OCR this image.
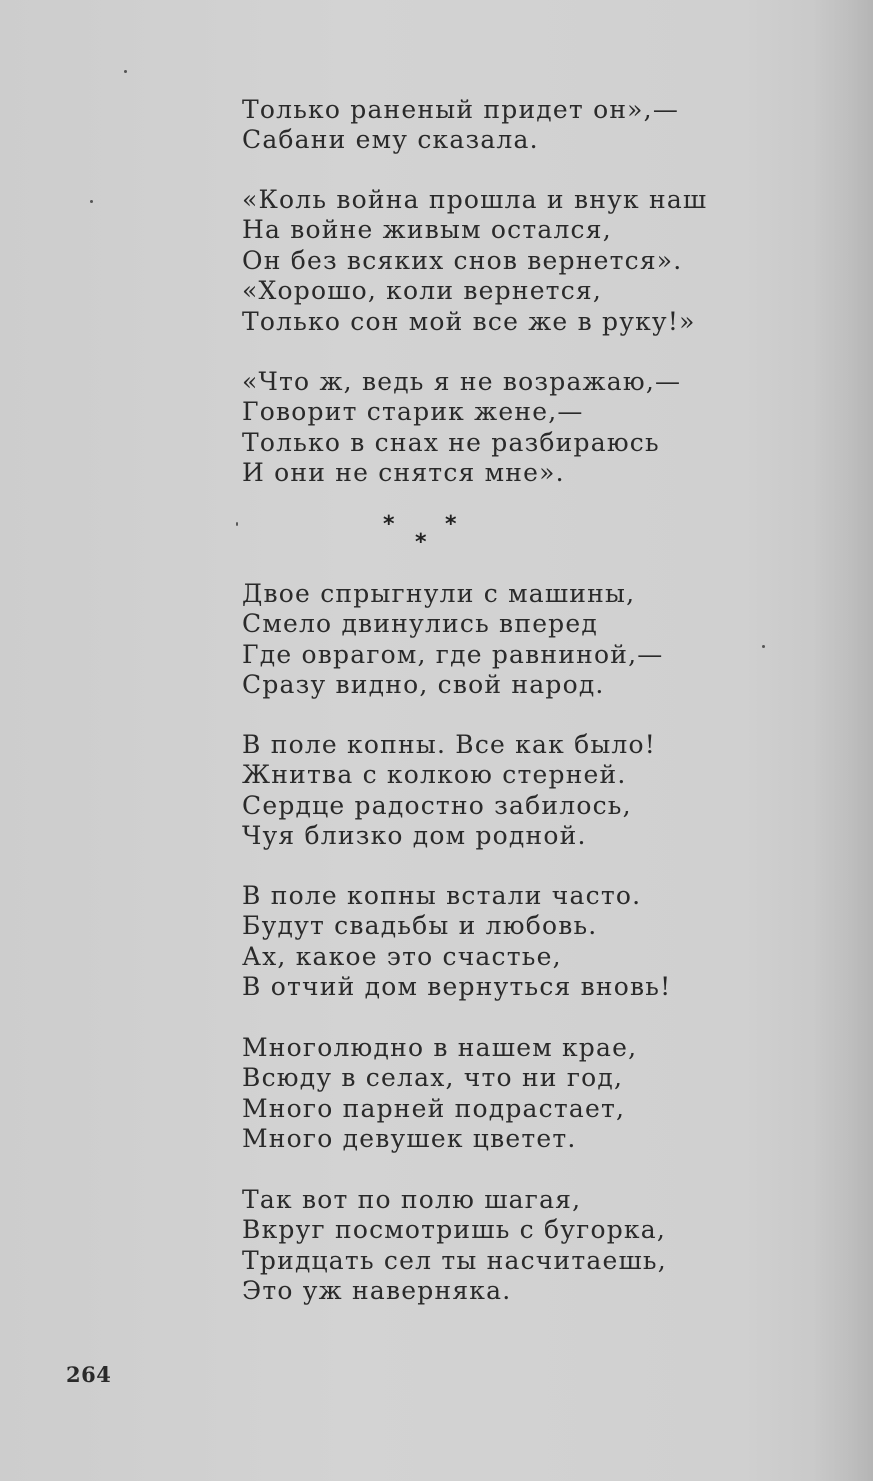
Только раненый придет он»,—
Сабани ему сказала.
«Коль война прошла и внук наш
На войне живым остался,
Он без всяких снов вернется».
«Хорошо, коли вернется,
Только сон мой все же в руку!»
«Что ж, ведь я не возражаю,—
Говорит старик жене,—
Только в снах не разбираюсь
И они не снятся мне».
* *
*
Двое спрыгнули с машины,
Смело двинулись вперед
Где оврагом, где равниной,—
Сразу видно, свой народ.
В поле копны. Все как было!
Жнитва с колкою стерней.
Сердце радостно забилось,
Чуя близко дом родной.
В поле копны встали часто.
Будут свадьбы и любовь.
Ах, какое это счастье,
В отчий дом вернуться вновь!
Многолюдно в нашем крае,
Всюду в селах, что ни год,
Много парней подрастает,
Много девушек цветет.
Так вот по полю шагая,
Вкруг посмотришь с бугорка,
Тридцать сел ты насчитаешь,
Это уж наверняка.
264
